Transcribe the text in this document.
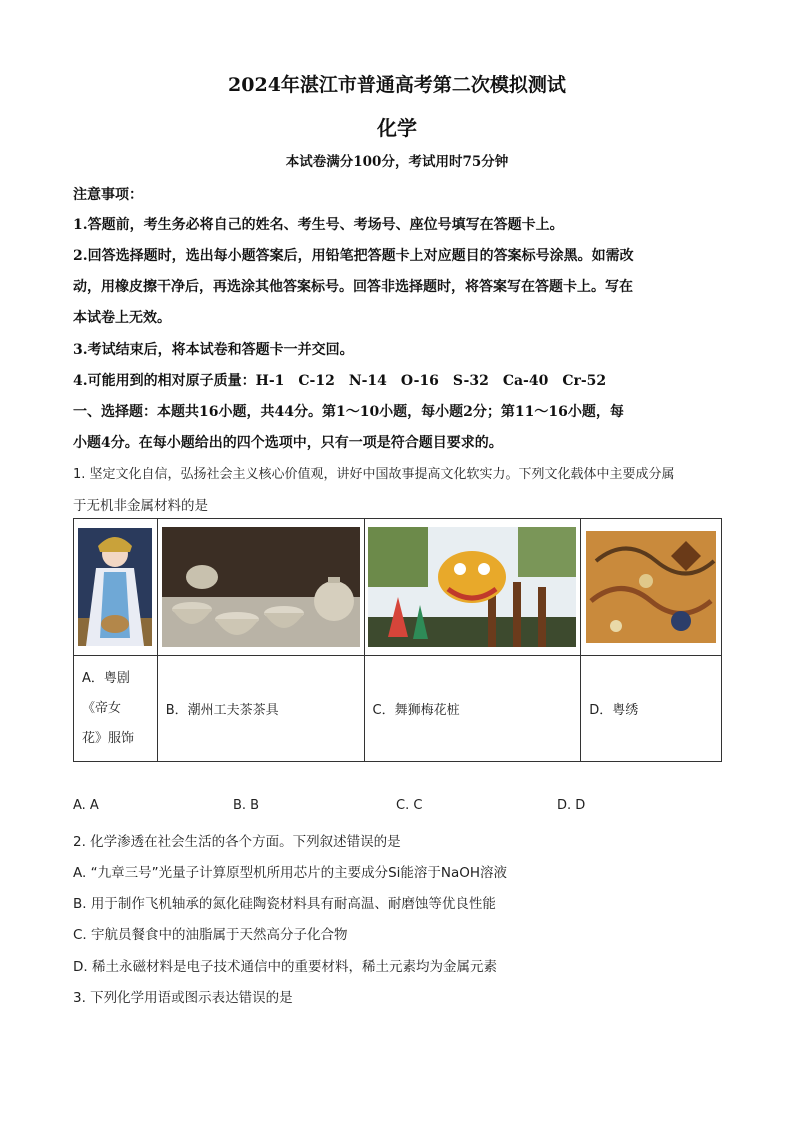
2024年湛江市普通高考第二次模拟测试
化学
本试卷满分100分，考试用时75分钟
注意事项：
1.答题前，考生务必将自己的姓名、考生号、考场号、座位号填写在答题卡上。
2.回答选择题时，选出每小题答案后，用铅笔把答题卡上对应题目的答案标号涂黑。如需改
动，用橡皮擦干净后，再选涂其他答案标号。回答非选择题时，将答案写在答题卡上。写在
本试卷上无效。
3.考试结束后，将本试卷和答题卡一并交回。
4.可能用到的相对原子质量：H-1　C-12　N-14　O-16　S-32　Ca-40　Cr-52
一、选择题：本题共16小题，共44分。第1～10小题，每小题2分；第11～16小题，每
小题4分。在每小题给出的四个选项中，只有一项是符合题目要求的。
1. 坚定文化自信，弘扬社会主义核心价值观，讲好中国故事提高文化软实力。下列文化载体中主要成分属
于无机非金属材料的是

A．粤剧
《帝女
花》服饰	B．潮州工夫茶茶具	C．舞狮梅花桩	D．粤绣
A. A	B. B	C. C	D. D
2. 化学渗透在社会生活的各个方面。下列叙述错误的是
A. “九章三号”光量子计算原型机所用芯片的主要成分Si能溶于NaOH溶液
B. 用于制作飞机轴承的氮化硅陶瓷材料具有耐高温、耐磨蚀等优良性能
C. 宇航员餐食中的油脂属于天然高分子化合物
D. 稀土永磁材料是电子技术通信中的重要材料，稀土元素均为金属元素
3. 下列化学用语或图示表达错误的是
